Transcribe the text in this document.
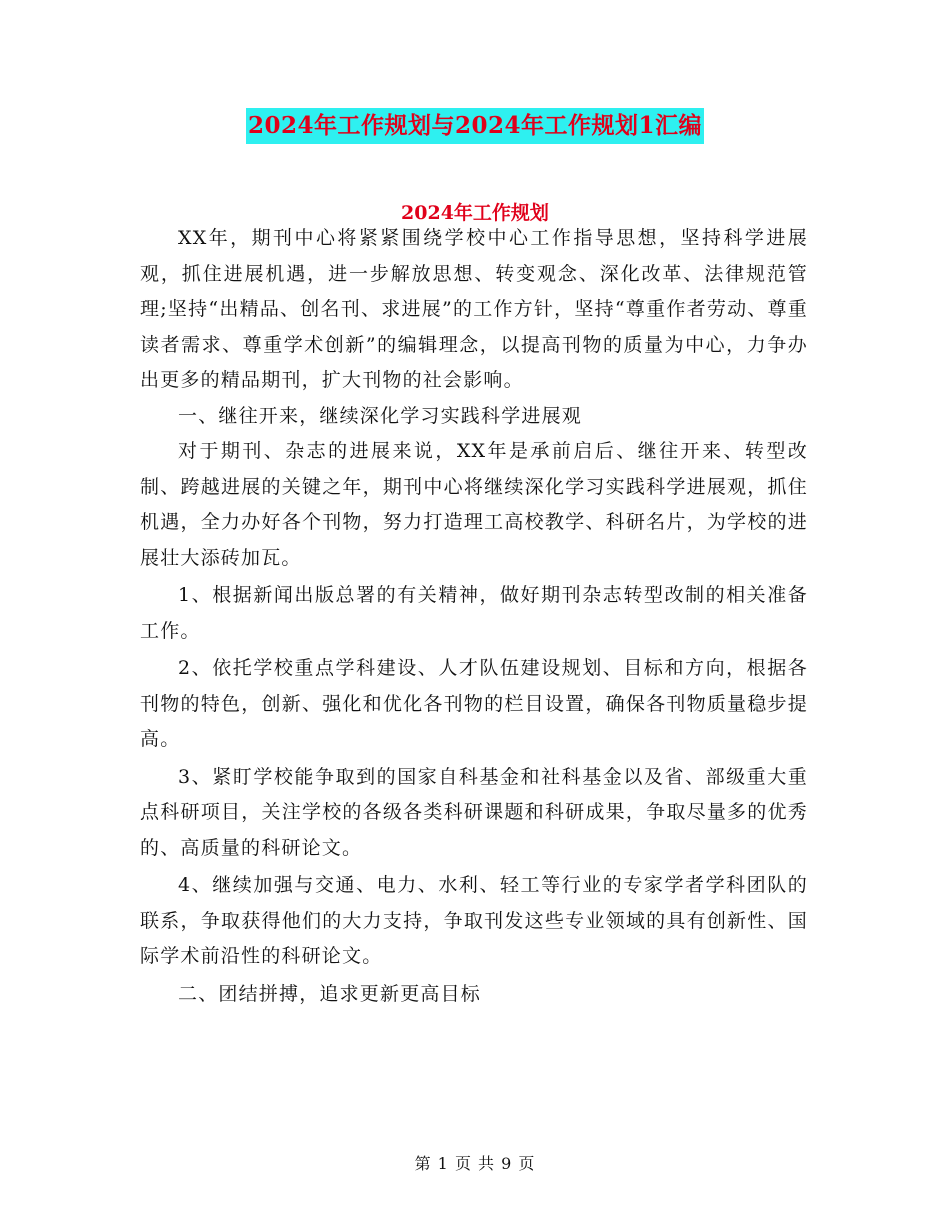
2024年工作规划与2024年工作规划1汇编
2024年工作规划

XX年，期刊中心将紧紧围绕学校中心工作指导思想，坚持科学进展观，抓住进展机遇，进一步解放思想、转变观念、深化改革、法律规范管理;坚持“出精品、创名刊、求进展”的工作方针，坚持“尊重作者劳动、尊重读者需求、尊重学术创新”的编辑理念，以提高刊物的质量为中心，力争办出更多的精品期刊，扩大刊物的社会影响。

一、继往开来，继续深化学习实践科学进展观

对于期刊、杂志的进展来说，XX年是承前启后、继往开来、转型改制、跨越进展的关键之年，期刊中心将继续深化学习实践科学进展观，抓住机遇，全力办好各个刊物，努力打造理工高校教学、科研名片，为学校的进展壮大添砖加瓦。

1、根据新闻出版总署的有关精神，做好期刊杂志转型改制的相关准备工作。

2、依托学校重点学科建设、人才队伍建设规划、目标和方向，根据各刊物的特色，创新、强化和优化各刊物的栏目设置，确保各刊物质量稳步提高。

3、紧盯学校能争取到的国家自科基金和社科基金以及省、部级重大重点科研项目，关注学校的各级各类科研课题和科研成果，争取尽量多的优秀的、高质量的科研论文。

4、继续加强与交通、电力、水利、轻工等行业的专家学者学科团队的联系，争取获得他们的大力支持，争取刊发这些专业领域的具有创新性、国际学术前沿性的科研论文。

二、团结拼搏，追求更新更高目标

第 1 页 共 9 页
